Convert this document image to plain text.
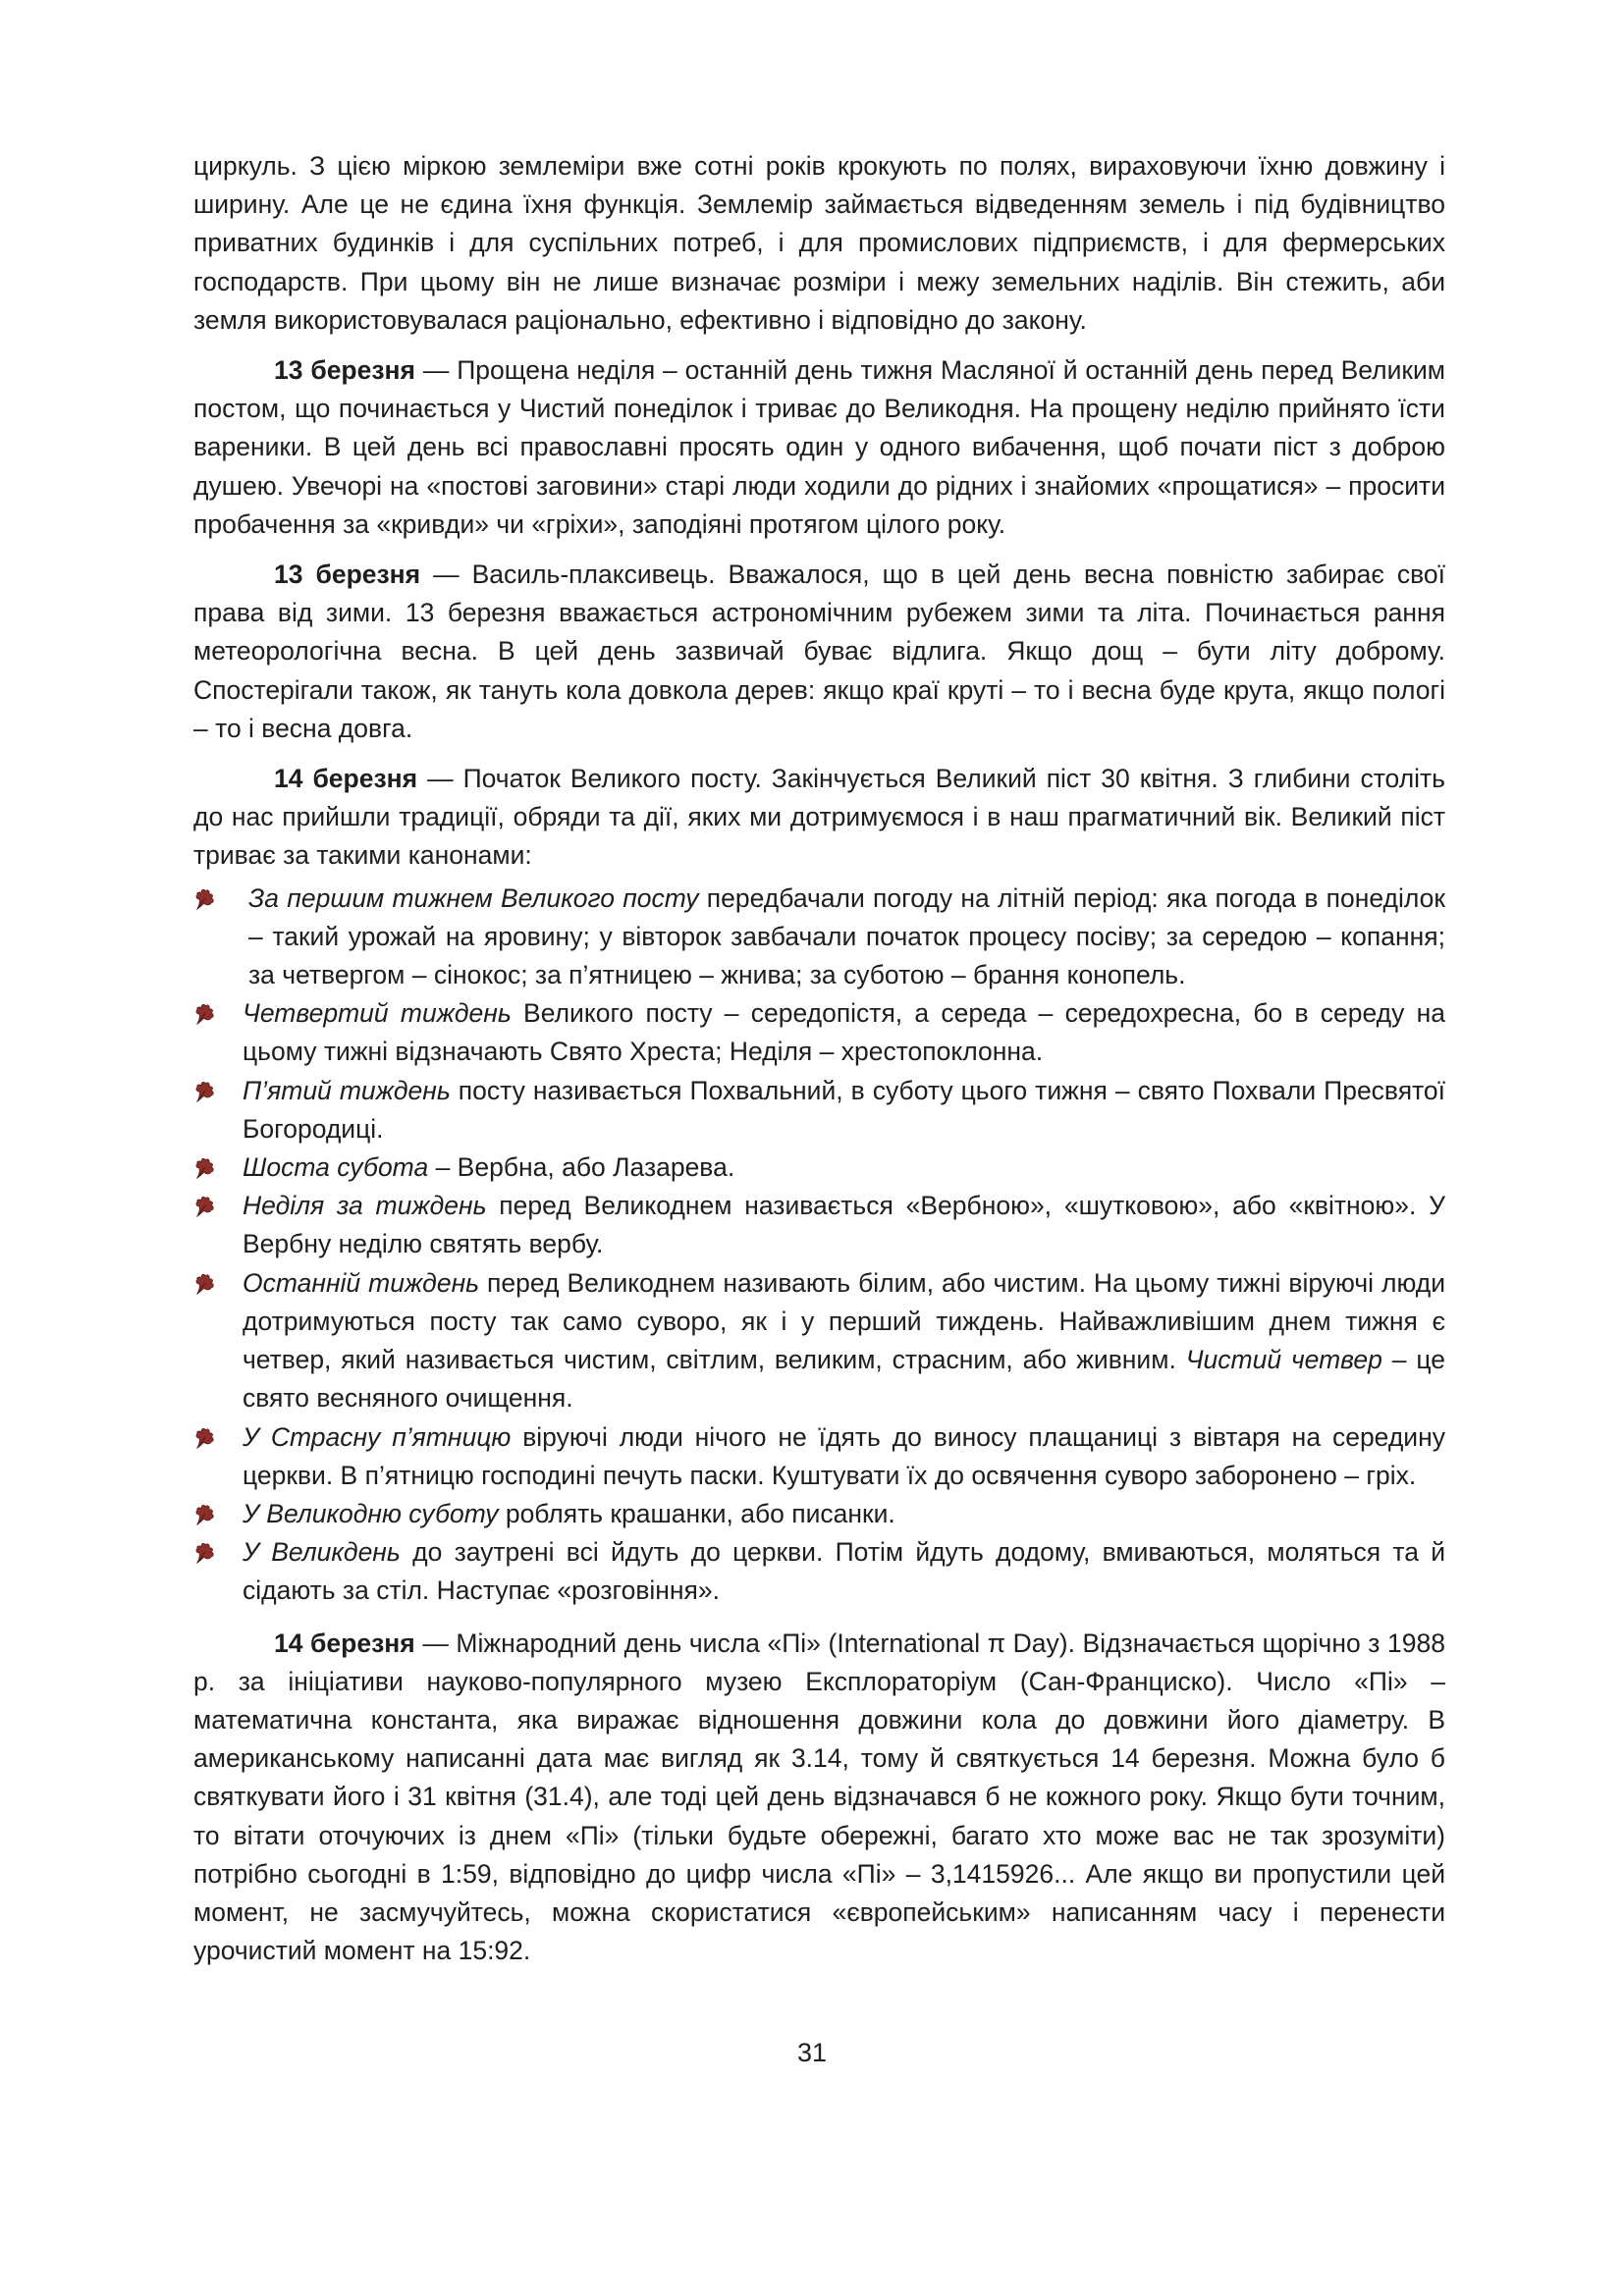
циркуль. З цією міркою землеміри вже сотні років крокують по полях, вираховуючи їхню довжину і ширину. Але це не єдина їхня функція. Землемір займається відведенням земель і під будівництво приватних будинків і для суспільних потреб, і для промислових підприємств, і для фермерських господарств. При цьому він не лише визначає розміри і межу земельних наділів. Він стежить, аби земля використовувалася раціонально, ефективно і відповідно до закону.

13 березня — Прощена неділя – останній день тижня Масляної й останній день перед Великим постом, що починається у Чистий понеділок і триває до Великодня. На прощену неділю прийнято їсти вареники. В цей день всі православні просять один у одного вибачення, щоб почати піст з доброю душею. Увечорі на «постові заговини» старі люди ходили до рідних і знайомих «прощатися» – просити пробачення за «кривди» чи «гріхи», заподіяні протягом цілого року.

13 березня — Василь-плаксивець. Вважалося, що в цей день весна повністю забирає свої права від зими. 13 березня вважається астрономічним рубежем зими та літа. Починається рання метеорологічна весна. В цей день зазвичай буває відлига. Якщо дощ – бути літу доброму. Спостерігали також, як тануть кола довкола дерев: якщо краї круті – то і весна буде крута, якщо пологі – то і весна довга.

14 березня — Початок Великого посту. Закінчується Великий піст 30 квітня. З глибини століть до нас прийшли традиції, обряди та дії, яких ми дотримуємося і в наш прагматичний вік. Великий піст триває за такими канонами:

За першим тижнем Великого посту передбачали погоду на літній період: яка погода в понеділок – такий урожай на яровину; у вівторок завбачали початок процесу посіву; за середою – копання; за четвергом – сінокос; за п’ятницею – жнива; за суботою – брання конопель.
Четвертий тиждень Великого посту – середопістя, а середа – середохресна, бо в середу на цьому тижні відзначають Свято Хреста; Неділя – хрестопоклонна.
П’ятий тиждень посту називається Похвальний, в суботу цього тижня – свято Похвали Пресвятої Богородиці.
Шоста субота – Вербна, або Лазарева.
Неділя за тиждень перед Великоднем називається «Вербною», «шутковою», або «квітною». У Вербну неділю святять вербу.
Останній тиждень перед Великоднем називають білим, або чистим. На цьому тижні віруючі люди дотримуються посту так само суворо, як і у перший тиждень. Найважливішим днем тижня є четвер, який називається чистим, світлим, великим, страсним, або живним. Чистий четвер – це свято весняного очищення.
У Страсну п’ятницю віруючі люди нічого не їдять до виносу плащаниці з вівтаря на середину церкви. В п’ятницю господині печуть паски. Куштувати їх до освячення суворо заборонено – гріх.
У Великодню суботу роблять крашанки, або писанки.
У Великдень до заутрені всі йдуть до церкви. Потім йдуть додому, вмиваються, моляться та й сідають за стіл. Наступає «розговіння».

14 березня — Міжнародний день числа «Пі» (International π Day). Відзначається щорічно з 1988 р. за ініціативи науково-популярного музею Експлораторіум (Сан-Франциско). Число «Пі» – математична константа, яка виражає відношення довжини кола до довжини його діаметру. В американському написанні дата має вигляд як 3.14, тому й святкується 14 березня. Можна було б святкувати його і 31 квітня (31.4), але тоді цей день відзначався б не кожного року. Якщо бути точним, то вітати оточуючих із днем «Пі» (тільки будьте обережні, багато хто може вас не так зрозуміти) потрібно сьогодні в 1:59, відповідно до цифр числа «Пі» – 3,1415926... Але якщо ви пропустили цей момент, не засмучуйтесь, можна скористатися «європейським» написанням часу і перенести урочистий момент на 15:92.

31
